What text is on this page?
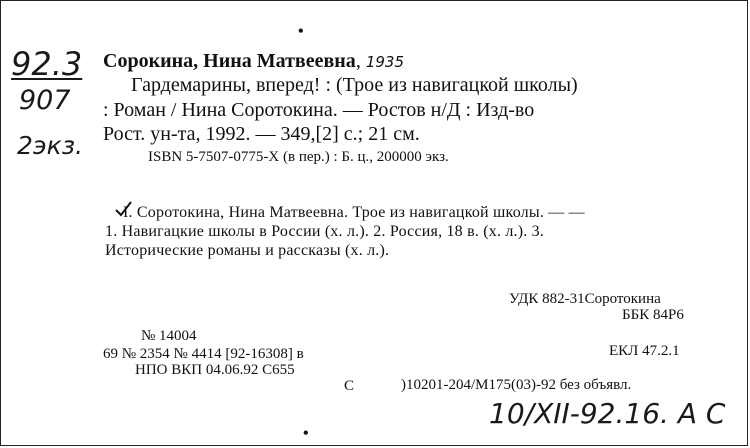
92.3
907
2экз.
•
Сорокина, Нина Матвеевна, 1935
Гардемарины, вперед! : (Трое из навигацкой школы)
: Роман / Нина Соротокина. — Ростов н/Д : Изд-во
Рост. ун-та, 1992. — 349,[2] с.; 21 см.
ISBN 5-7507-0775-X (в пер.) : Б. ц., 200000 экз.
I. Соротокина, Нина Матвеевна. Трое из навигацкой школы. — —
1. Навигацкие школы в России (х. л.). 2. Россия, 18 в. (х. л.). 3.
Исторические романы и рассказы (х. л.).
УДК 882-31Соротокина
ББК 84Р6
№ 14004
69 № 2354 № 4414 [92-16308] в
НПО ВКП 04.06.92 С655
С
ЕКЛ 47.2.1
)10201-204/М175(03)-92 без объявл.
10/XII-92.16. А С
•
